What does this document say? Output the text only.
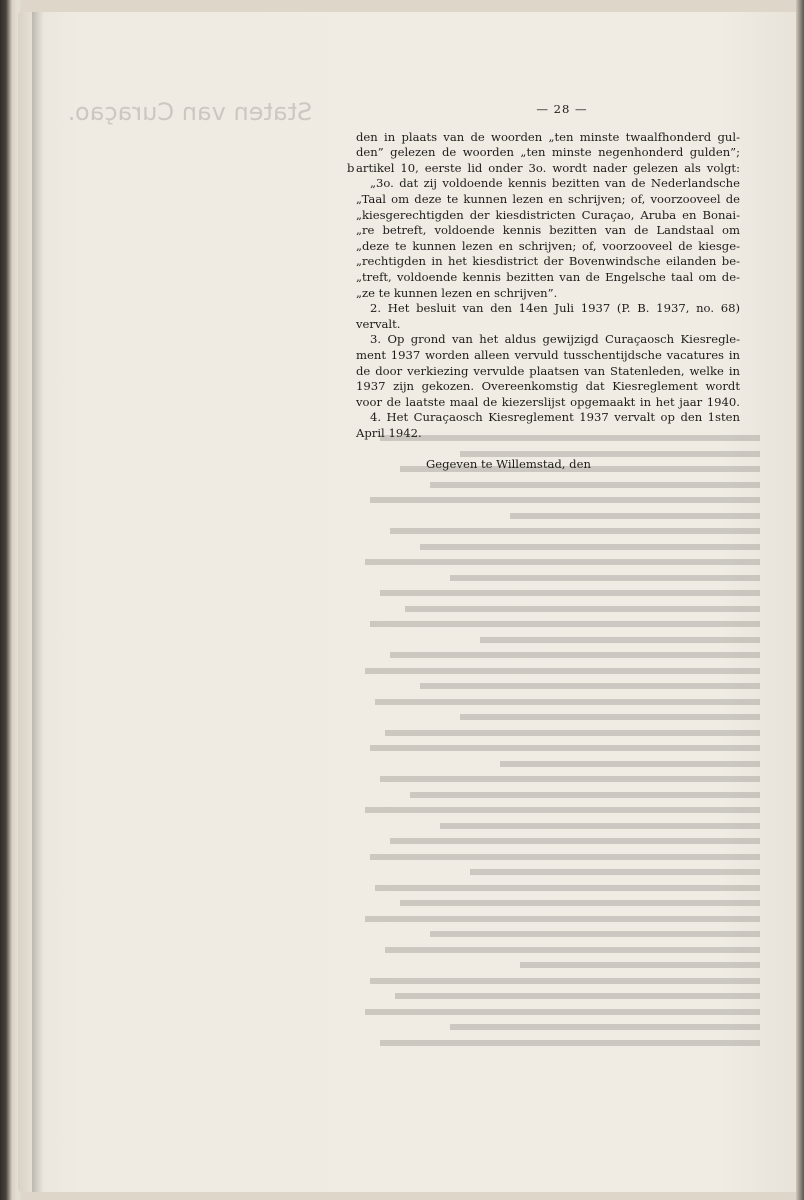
Staten van Curaçao.	— 28 —
den in plaats van de woorden „ten minste twaalfhonderd gul-
den” gelezen de woorden „ten minste negenhonderd gulden”;
b artikel 10, eerste lid onder 3o. wordt nader gelezen als volgt:
„3o. dat zij voldoende kennis bezitten van de Nederlandsche
„Taal om deze te kunnen lezen en schrijven; of, voorzooveel de
„kiesgerechtigden der kiesdistricten Curaçao, Aruba en Bonai-
„re betreft, voldoende kennis bezitten van de Landstaal om
„deze te kunnen lezen en schrijven; of, voorzooveel de kiesge-
„rechtigden in het kiesdistrict der Bovenwindsche eilanden be-
„treft, voldoende kennis bezitten van de Engelsche taal om de-
„ze te kunnen lezen en schrijven”.
2. Het besluit van den 14en Juli 1937 (P. B. 1937, no. 68)
vervalt.
3. Op grond van het aldus gewijzigd Curaçaosch Kiesregle-
ment 1937 worden alleen vervuld tusschentijdsche vacatures in
de door verkiezing vervulde plaatsen van Statenleden, welke in
1937 zijn gekozen. Overeenkomstig dat Kiesreglement wordt
voor de laatste maal de kiezerslijst opgemaakt in het jaar 1940.
4. Het Curaçaosch Kiesreglement 1937 vervalt op den 1sten
April 1942.
Gegeven te Willemstad, den
